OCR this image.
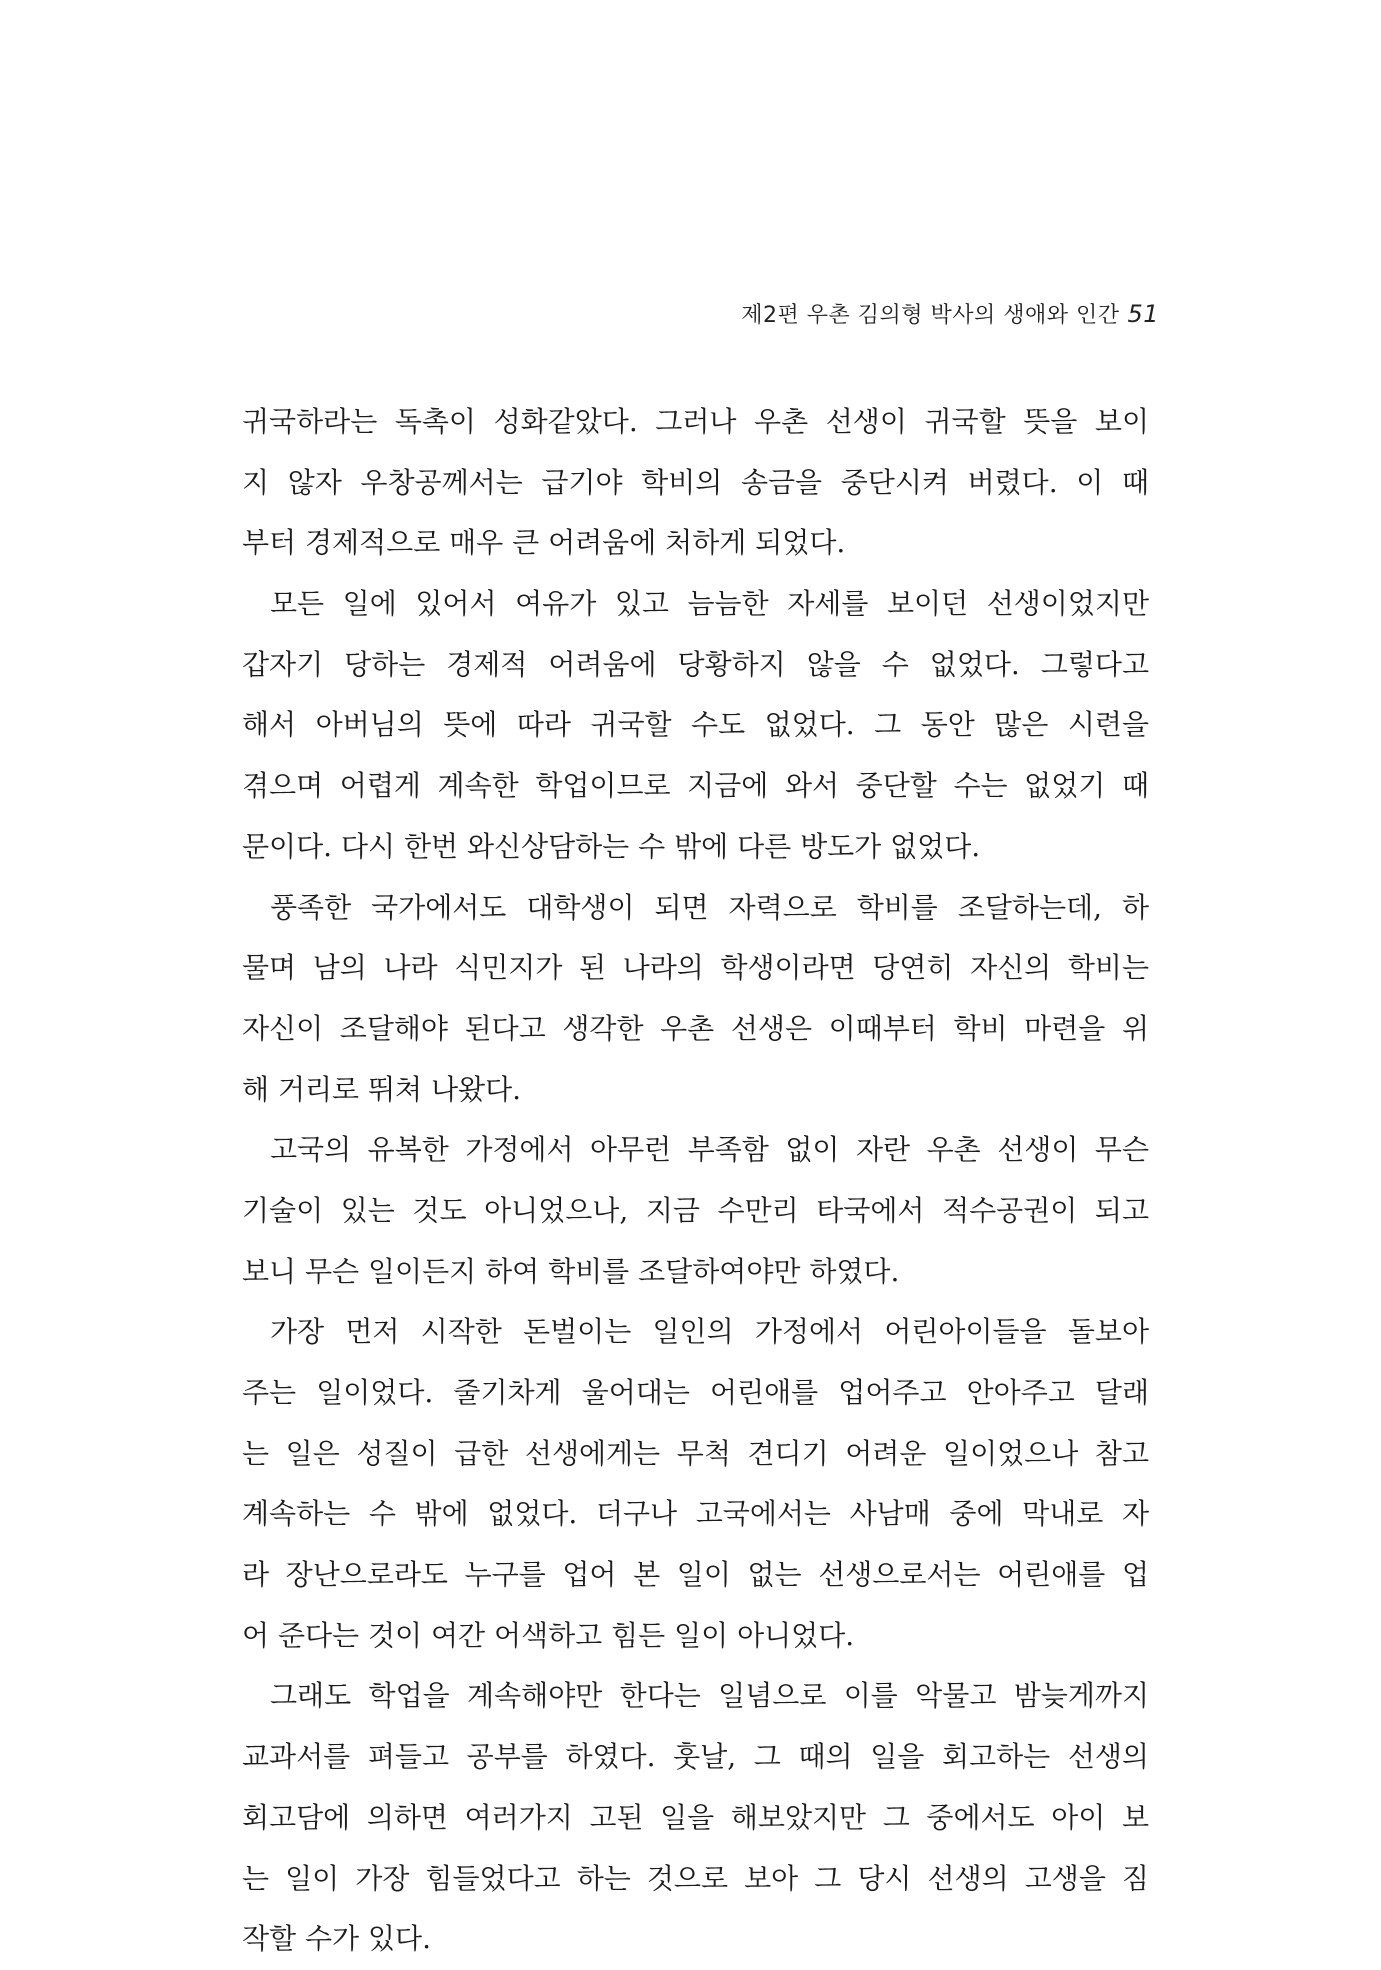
제2편 우촌 김의형 박사의 생애와 인간 51
귀국하라는 독촉이 성화같았다. 그러나 우촌 선생이 귀국할 뜻을 보이
지 않자 우창공께서는 급기야 학비의 송금을 중단시켜 버렸다. 이 때
부터 경제적으로 매우 큰 어려움에 처하게 되었다.
모든 일에 있어서 여유가 있고 늠늠한 자세를 보이던 선생이었지만
갑자기 당하는 경제적 어려움에 당황하지 않을 수 없었다. 그렇다고
해서 아버님의 뜻에 따라 귀국할 수도 없었다. 그 동안 많은 시련을
겪으며 어렵게 계속한 학업이므로 지금에 와서 중단할 수는 없었기 때
문이다. 다시 한번 와신상담하는 수 밖에 다른 방도가 없었다.
풍족한 국가에서도 대학생이 되면 자력으로 학비를 조달하는데, 하
물며 남의 나라 식민지가 된 나라의 학생이라면 당연히 자신의 학비는
자신이 조달해야 된다고 생각한 우촌 선생은 이때부터 학비 마련을 위
해 거리로 뛰쳐 나왔다.
고국의 유복한 가정에서 아무런 부족함 없이 자란 우촌 선생이 무슨
기술이 있는 것도 아니었으나, 지금 수만리 타국에서 적수공권이 되고
보니 무슨 일이든지 하여 학비를 조달하여야만 하였다.
가장 먼저 시작한 돈벌이는 일인의 가정에서 어린아이들을 돌보아
주는 일이었다. 줄기차게 울어대는 어린애를 업어주고 안아주고 달래
는 일은 성질이 급한 선생에게는 무척 견디기 어려운 일이었으나 참고
계속하는 수 밖에 없었다. 더구나 고국에서는 사남매 중에 막내로 자
라 장난으로라도 누구를 업어 본 일이 없는 선생으로서는 어린애를 업
어 준다는 것이 여간 어색하고 힘든 일이 아니었다.
그래도 학업을 계속해야만 한다는 일념으로 이를 악물고 밤늦게까지
교과서를 펴들고 공부를 하였다. 훗날, 그 때의 일을 회고하는 선생의
회고담에 의하면 여러가지 고된 일을 해보았지만 그 중에서도 아이 보
는 일이 가장 힘들었다고 하는 것으로 보아 그 당시 선생의 고생을 짐
작할 수가 있다.
